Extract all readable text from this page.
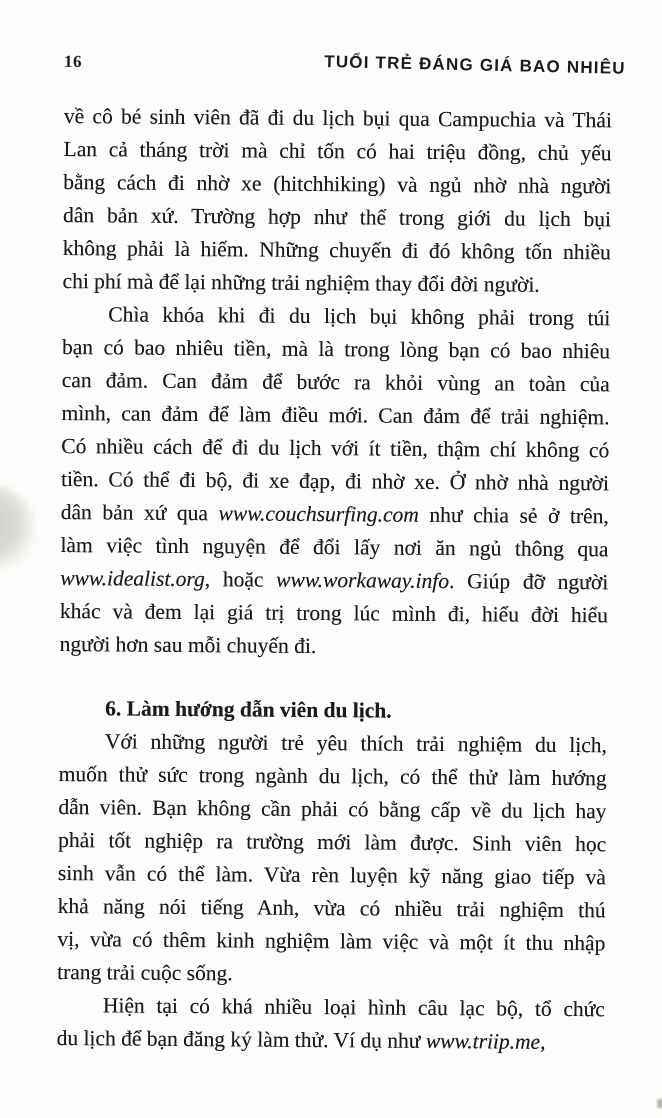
16	TUỔI TRẺ ĐÁNG GIÁ BAO NHIÊU
về cô bé sinh viên đã đi du lịch bụi qua Campuchia và Thái
Lan cả tháng trời mà chỉ tốn có hai triệu đồng, chủ yếu
bằng cách đi nhờ xe (hitchhiking) và ngủ nhờ nhà người
dân bản xứ. Trường hợp như thế trong giới du lịch bụi
không phải là hiếm. Những chuyến đi đó không tốn nhiều
chi phí mà để lại những trải nghiệm thay đổi đời người.
Chìa khóa khi đi du lịch bụi không phải trong túi
bạn có bao nhiêu tiền, mà là trong lòng bạn có bao nhiêu
can đảm. Can đảm để bước ra khỏi vùng an toàn của
mình, can đảm để làm điều mới. Can đảm để trải nghiệm.
Có nhiều cách để đi du lịch với ít tiền, thậm chí không có
tiền. Có thể đi bộ, đi xe đạp, đi nhờ xe. Ở nhờ nhà người
dân bản xứ qua www.couchsurfing.com như chia sẻ ở trên,
làm việc tình nguyện để đổi lấy nơi ăn ngủ thông qua
www.idealist.org, hoặc www.workaway.info. Giúp đỡ người
khác và đem lại giá trị trong lúc mình đi, hiểu đời hiểu
người hơn sau mỗi chuyến đi.
6. Làm hướng dẫn viên du lịch.
Với những người trẻ yêu thích trải nghiệm du lịch,
muốn thử sức trong ngành du lịch, có thể thử làm hướng
dẫn viên. Bạn không cần phải có bằng cấp về du lịch hay
phải tốt nghiệp ra trường mới làm được. Sinh viên học
sinh vẫn có thể làm. Vừa rèn luyện kỹ năng giao tiếp và
khả năng nói tiếng Anh, vừa có nhiều trải nghiệm thú
vị, vừa có thêm kinh nghiệm làm việc và một ít thu nhập
trang trải cuộc sống.
Hiện tại có khá nhiều loại hình câu lạc bộ, tổ chức
du lịch để bạn đăng ký làm thử. Ví dụ như www.triip.me,
